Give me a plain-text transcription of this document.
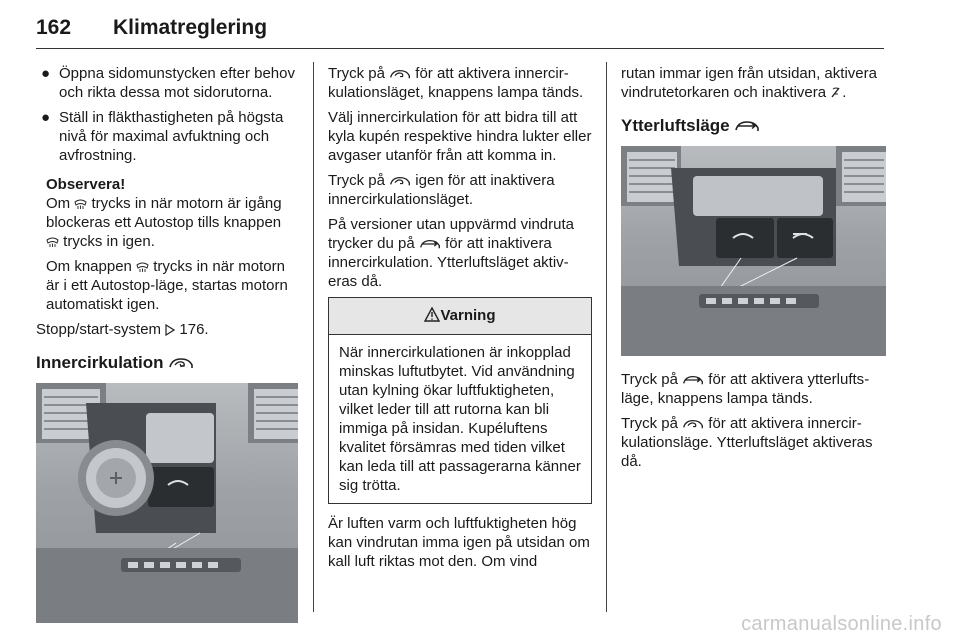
162 Klimatreglering
● Öppna sidomunstycken efter behov och rikta dessa mot sidorutorna.
● Ställ in fläkthastigheten på högsta nivå för maximal avfuktning och avfrostning.
Observera!

Om trycks in när motorn är igång blockeras ett Autostop tills knappen  trycks in igen.

Om knappen trycks in när motorn är i ett Autostop-läge, startas motorn automatiskt igen.

Stopp/start-system 176.

Innercirkulation

Tryck på för att aktivera innercirkulationsläget, knappens lampa tänds.

Välj innercirkulation för att bidra till att kyla kupén respektive hindra lukter eller avgaser utanför från att komma in.

Tryck på igen för att inaktivera innercirkulationsläget.

På versioner utan uppvärmd vindruta trycker du på för att inaktivera innercirkulation. Ytterluftsläget aktiveras då.

Varning
När innercirkulationen är inkopplad minskas luftutbytet. Vid användning utan kylning ökar luftfuktigheten, vilket leder till att rutorna kan bli immiga på insidan. Kupéluftens kvalitet försämras med tiden vilket kan leda till att passagerarna känner sig trötta.

Är luften varm och luftfuktigheten hög kan vindrutan imma igen på utsidan om kall luft riktas mot den. Om vind

rutan immar igen från utsidan, aktivera vindrutetorkaren och inaktivera .

Ytterluftsläge

Tryck på för att aktivera ytterluftsläge, knappens lampa tänds.

Tryck på för att aktivera innercirkulationsläge. Ytterluftsläget aktiveras då.

carmanualsonline.info
